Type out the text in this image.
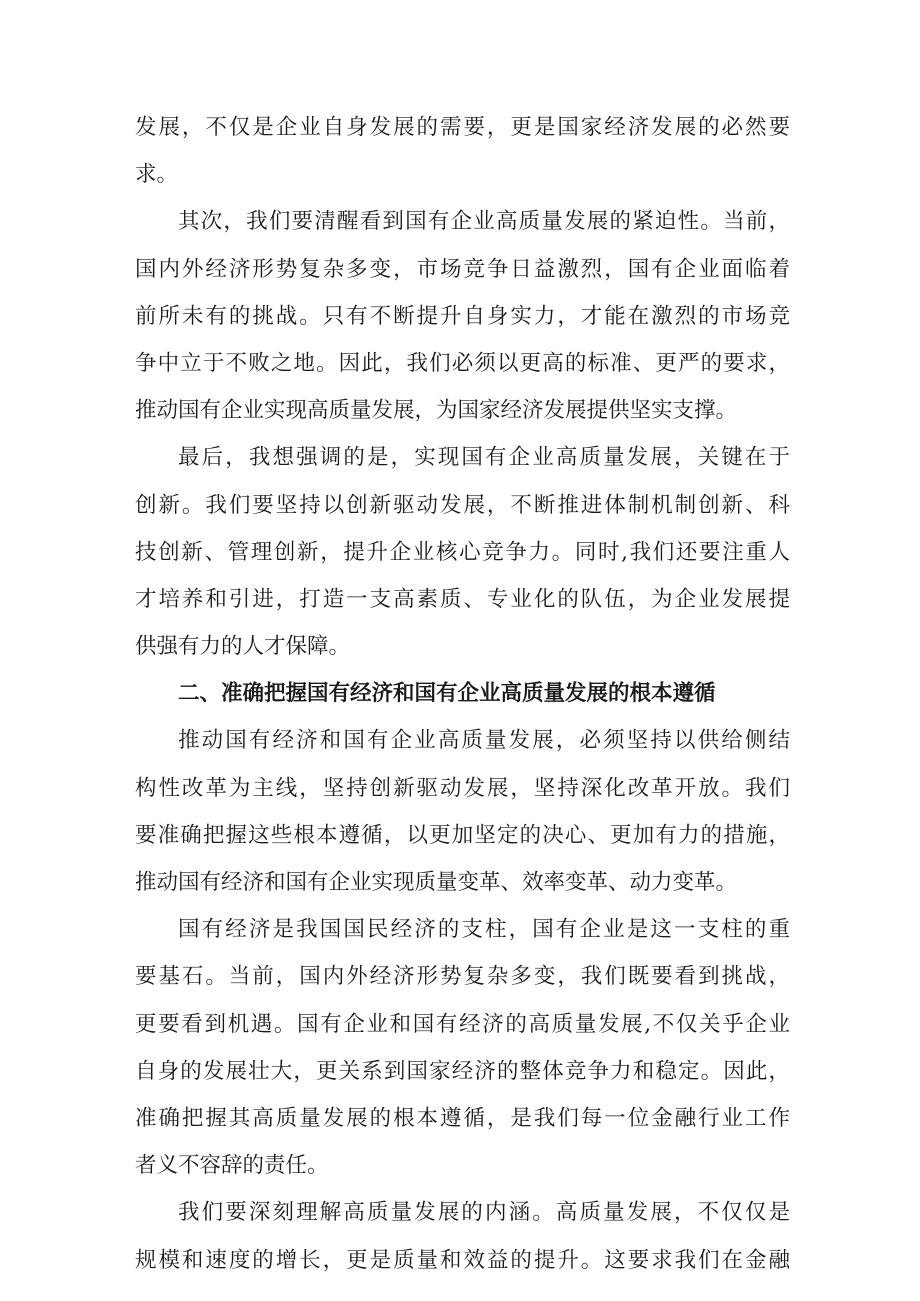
发展，不仅是企业自身发展的需要，更是国家经济发展的必然要
求。
其次，我们要清醒看到国有企业高质量发展的紧迫性。当前，
国内外经济形势复杂多变，市场竞争日益激烈，国有企业面临着
前所未有的挑战。只有不断提升自身实力，才能在激烈的市场竞
争中立于不败之地。因此，我们必须以更高的标准、更严的要求，
推动国有企业实现高质量发展，为国家经济发展提供坚实支撑。
最后，我想强调的是，实现国有企业高质量发展，关键在于
创新。我们要坚持以创新驱动发展，不断推进体制机制创新、科
技创新、管理创新，提升企业核心竞争力。同时,我们还要注重人
才培养和引进，打造一支高素质、专业化的队伍，为企业发展提
供强有力的人才保障。
二、准确把握国有经济和国有企业高质量发展的根本遵循
推动国有经济和国有企业高质量发展，必须坚持以供给侧结
构性改革为主线，坚持创新驱动发展，坚持深化改革开放。我们
要准确把握这些根本遵循，以更加坚定的决心、更加有力的措施，
推动国有经济和国有企业实现质量变革、效率变革、动力变革。
国有经济是我国国民经济的支柱，国有企业是这一支柱的重
要基石。当前，国内外经济形势复杂多变，我们既要看到挑战，
更要看到机遇。国有企业和国有经济的高质量发展,不仅关乎企业
自身的发展壮大，更关系到国家经济的整体竞争力和稳定。因此，
准确把握其高质量发展的根本遵循，是我们每一位金融行业工作
者义不容辞的责任。
我们要深刻理解高质量发展的内涵。高质量发展，不仅仅是
规模和速度的增长，更是质量和效益的提升。这要求我们在金融
